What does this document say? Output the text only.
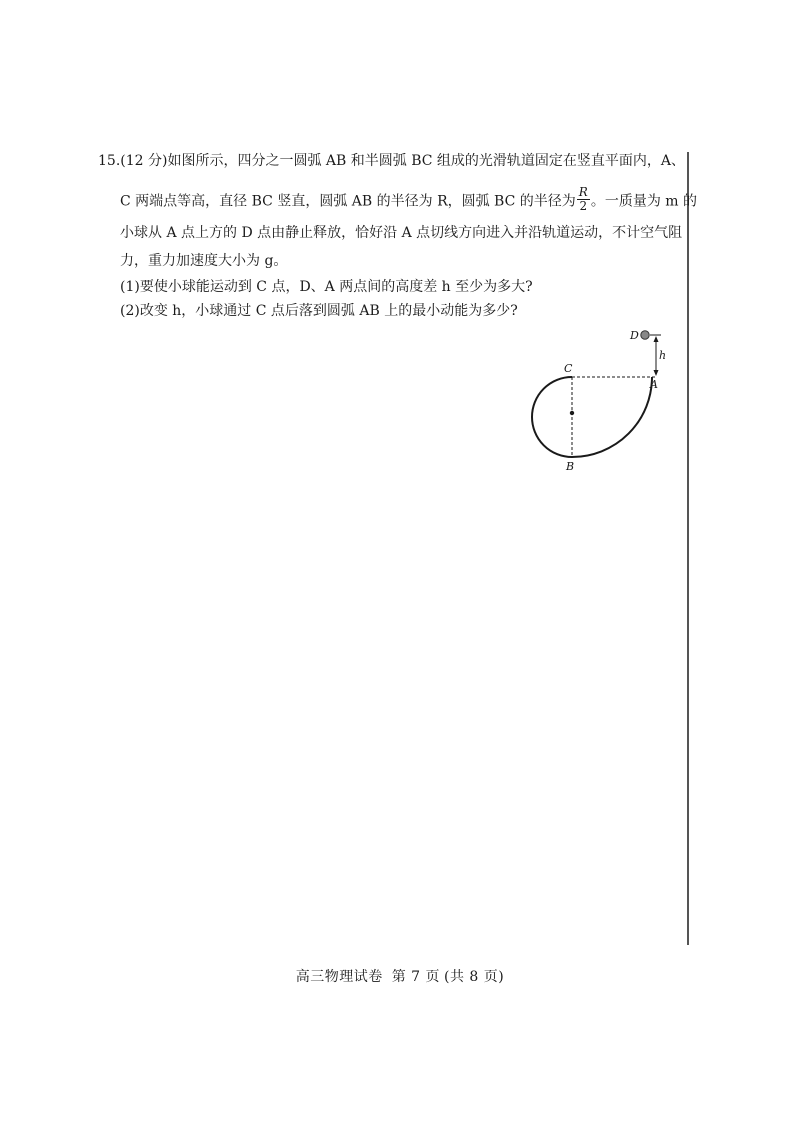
15.(12 分)如图所示，四分之一圆弧 AB 和半圆弧 BC 组成的光滑轨道固定在竖直平面内，A、
C 两端点等高，直径 BC 竖直，圆弧 AB 的半径为 R，圆弧 BC 的半径为 $\frac{R}{2}$ 。一质量为 m 的
小球从 A 点上方的 D 点由静止释放，恰好沿 A 点切线方向进入并沿轨道运动，不计空气阻
力，重力加速度大小为 g。
(1)要使小球能运动到 C 点，D、A 两点间的高度差 h 至少为多大?
(2)改变 h，小球通过 C 点后落到圆弧 AB 上的最小动能为多少?
D
h
C
A
B
高三物理试卷 第 7 页 (共 8 页)
